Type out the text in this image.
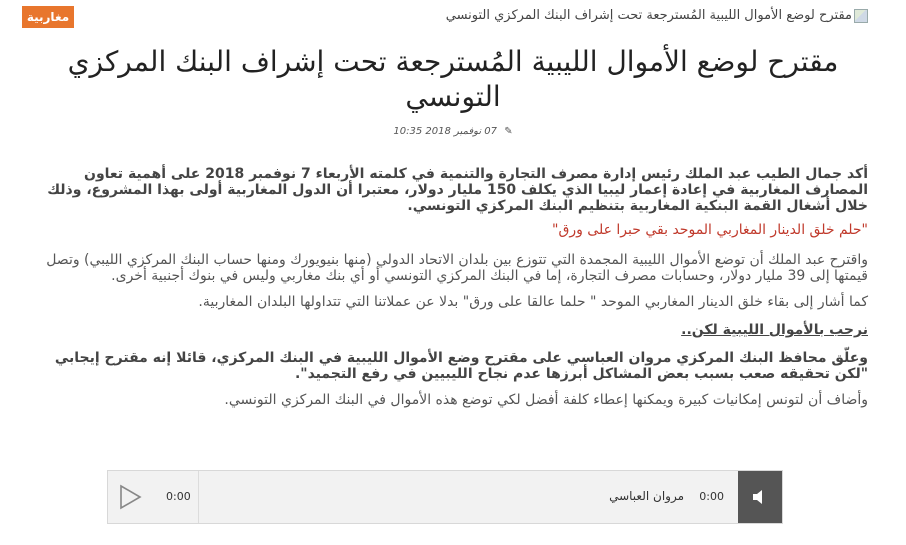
مغاربية	مقترح لوضع الأموال الليبية المُسترجعة تحت إشراف البنك المركزي التونسي
مقترح لوضع الأموال الليبية المُسترجعة تحت إشراف البنك المركزي التونسي
✎ 07 نوفمبر 2018 10:35

أكد جمال الطيب عبد الملك رئيس إدارة مصرف التجارة والتنمية في كلمته الأربعاء 7 نوفمبر 2018 على أهمية تعاون المصارف المغاربية في إعادة إعمار ليبيا الذي يكلف 150 مليار دولار، معتبرا أن الدول المغاربية أولى بهذا المشروع، وذلك خلال أشغال القمة البنكية المغاربية بتنظيم البنك المركزي التونسي.

"حلم خلق الدينار المغاربي الموحد بقي حبرا على ورق"

واقترح عبد الملك أن توضع الأموال الليبية المجمدة التي تتوزع بين بلدان الاتحاد الدولي (منها بنيويورك ومنها حساب البنك المركزي الليبي) وتصل قيمتها إلى 39 مليار دولار، وحسابات مصرف التجارة، إما في البنك المركزي التونسي أو أي بنك مغاربي وليس في بنوك أجنبية أخرى.

كما أشار إلى بقاء خلق الدينار المغاربي الموحد " حلما عالقا على ورق" بدلا عن عملاتنا التي تتداولها البلدان المغاربية.

نرحب بالأموال الليبية لكن..

وعلّق محافظ البنك المركزي مروان العباسي على مقترح وضع الأموال الليبية في البنك المركزي، قائلا إنه مقترح إيجابي "لكن تحقيقه صعب بسبب بعض المشاكل أبرزها عدم نجاح الليبيين في رفع التجميد".

وأضاف أن لتونس إمكانيات كبيرة ويمكنها إعطاء كلفة أفضل لكي توضع هذه الأموال في البنك المركزي التونسي.

0:00	مروان العباسي 0:00
